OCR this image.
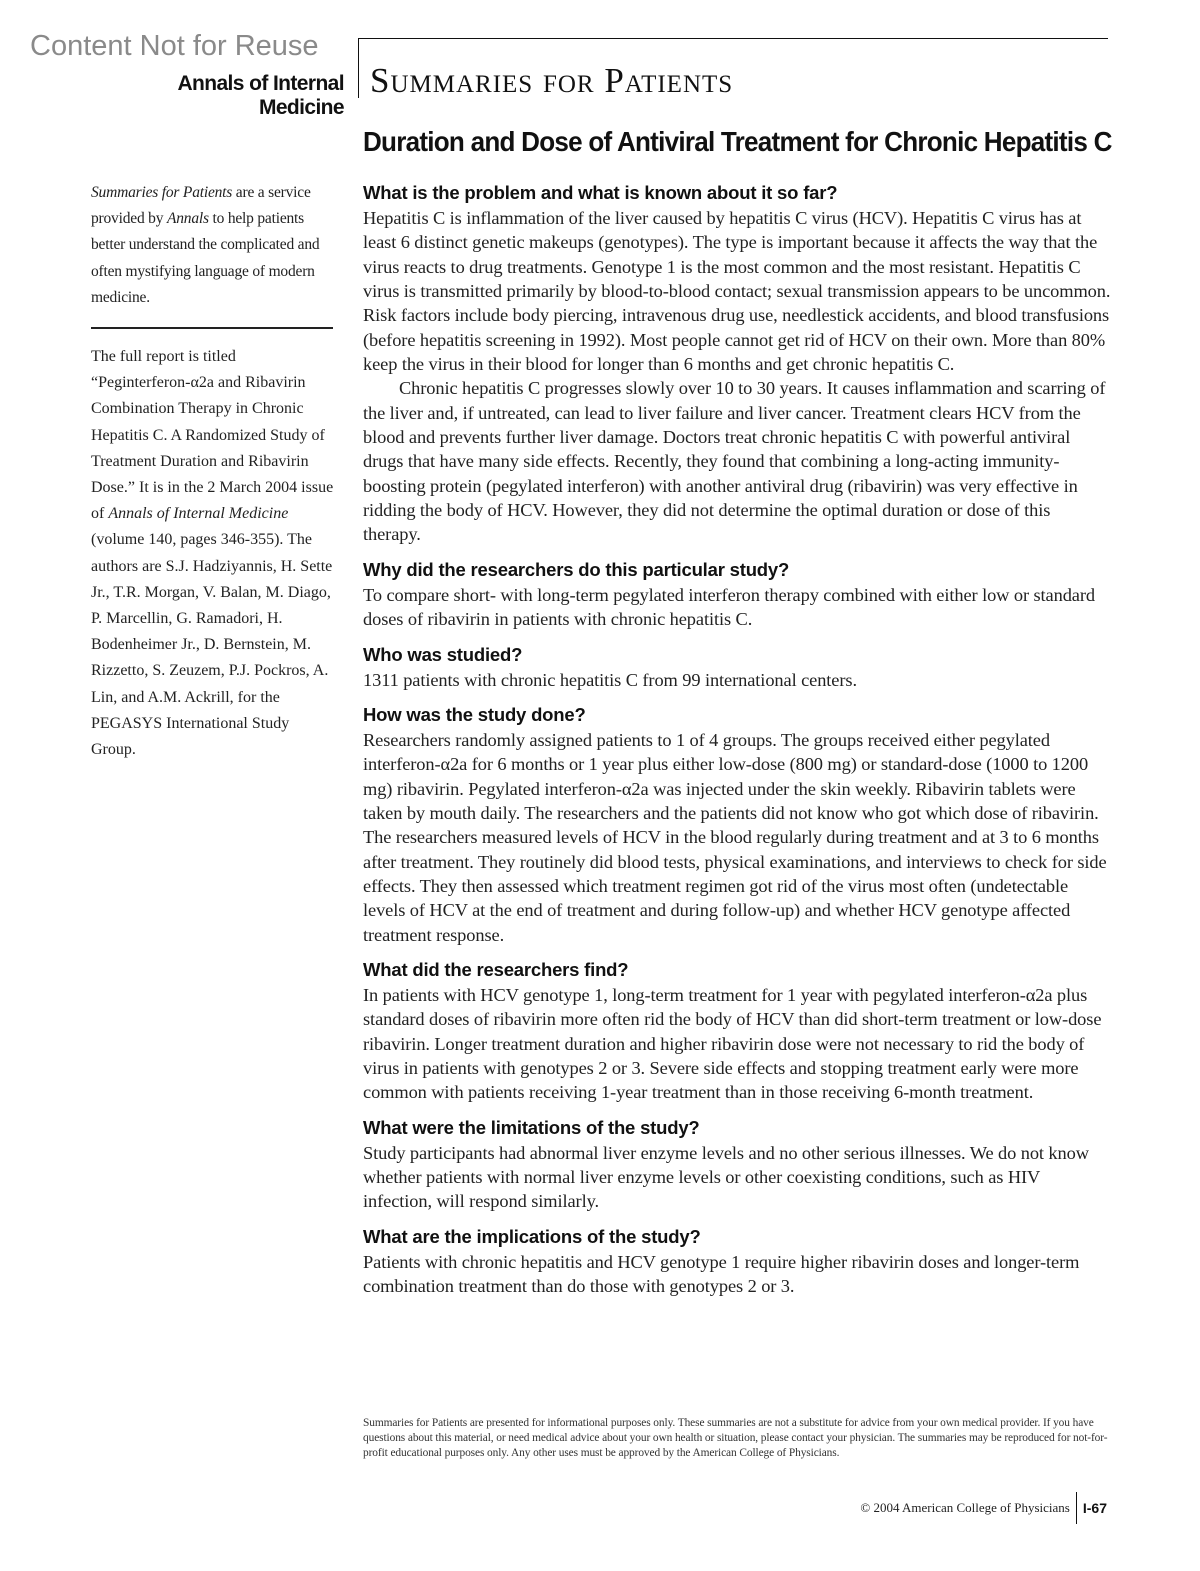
Content Not for Reuse
Annals of Internal Medicine
Summaries for Patients
Duration and Dose of Antiviral Treatment for Chronic Hepatitis C
Summaries for Patients are a service provided by Annals to help patients better understand the complicated and often mystifying language of modern medicine.
The full report is titled “Peginterferon-α2a and Ribavirin Combination Therapy in Chronic Hepatitis C. A Randomized Study of Treatment Duration and Ribavirin Dose.” It is in the 2 March 2004 issue of Annals of Internal Medicine (volume 140, pages 346-355). The authors are S.J. Hadziyannis, H. Sette Jr., T.R. Morgan, V. Balan, M. Diago, P. Marcellin, G. Ramadori, H. Bodenheimer Jr., D. Bernstein, M. Rizzetto, S. Zeuzem, P.J. Pockros, A. Lin, and A.M. Ackrill, for the PEGASYS International Study Group.
What is the problem and what is known about it so far?

Hepatitis C is inflammation of the liver caused by hepatitis C virus (HCV). Hepatitis C virus has at least 6 distinct genetic makeups (genotypes). The type is important because it affects the way that the virus reacts to drug treatments. Genotype 1 is the most common and the most resistant. Hepatitis C virus is transmitted primarily by blood-to-blood contact; sexual transmission appears to be uncommon. Risk factors include body piercing, intravenous drug use, needlestick accidents, and blood transfusions (before hepatitis screening in 1992). Most people cannot get rid of HCV on their own. More than 80% keep the virus in their blood for longer than 6 months and get chronic hepatitis C.

Chronic hepatitis C progresses slowly over 10 to 30 years. It causes inflammation and scarring of the liver and, if untreated, can lead to liver failure and liver cancer. Treatment clears HCV from the blood and prevents further liver damage. Doctors treat chronic hepatitis C with powerful antiviral drugs that have many side effects. Recently, they found that combining a long-acting immunity-boosting protein (pegylated interferon) with another antiviral drug (ribavirin) was very effective in ridding the body of HCV. However, they did not determine the optimal duration or dose of this therapy.

Why did the researchers do this particular study?

To compare short- with long-term pegylated interferon therapy combined with either low or standard doses of ribavirin in patients with chronic hepatitis C.

Who was studied?

1311 patients with chronic hepatitis C from 99 international centers.

How was the study done?

Researchers randomly assigned patients to 1 of 4 groups. The groups received either pegylated interferon-α2a for 6 months or 1 year plus either low-dose (800 mg) or standard-dose (1000 to 1200 mg) ribavirin. Pegylated interferon-α2a was injected under the skin weekly. Ribavirin tablets were taken by mouth daily. The researchers and the patients did not know who got which dose of ribavirin. The researchers measured levels of HCV in the blood regularly during treatment and at 3 to 6 months after treatment. They routinely did blood tests, physical examinations, and interviews to check for side effects. They then assessed which treatment regimen got rid of the virus most often (undetectable levels of HCV at the end of treatment and during follow-up) and whether HCV genotype affected treatment response.

What did the researchers find?

In patients with HCV genotype 1, long-term treatment for 1 year with pegylated interferon-α2a plus standard doses of ribavirin more often rid the body of HCV than did short-term treatment or low-dose ribavirin. Longer treatment duration and higher ribavirin dose were not necessary to rid the body of virus in patients with genotypes 2 or 3. Severe side effects and stopping treatment early were more common with patients receiving 1-year treatment than in those receiving 6-month treatment.

What were the limitations of the study?

Study participants had abnormal liver enzyme levels and no other serious illnesses. We do not know whether patients with normal liver enzyme levels or other coexisting conditions, such as HIV infection, will respond similarly.

What are the implications of the study?

Patients with chronic hepatitis and HCV genotype 1 require higher ribavirin doses and longer-term combination treatment than do those with genotypes 2 or 3.

Summaries for Patients are presented for informational purposes only. These summaries are not a substitute for advice from your own medical provider. If you have questions about this material, or need medical advice about your own health or situation, please contact your physician. The summaries may be reproduced for not-for-profit educational purposes only. Any other uses must be approved by the American College of Physicians.

© 2004 American College of Physicians I-67
